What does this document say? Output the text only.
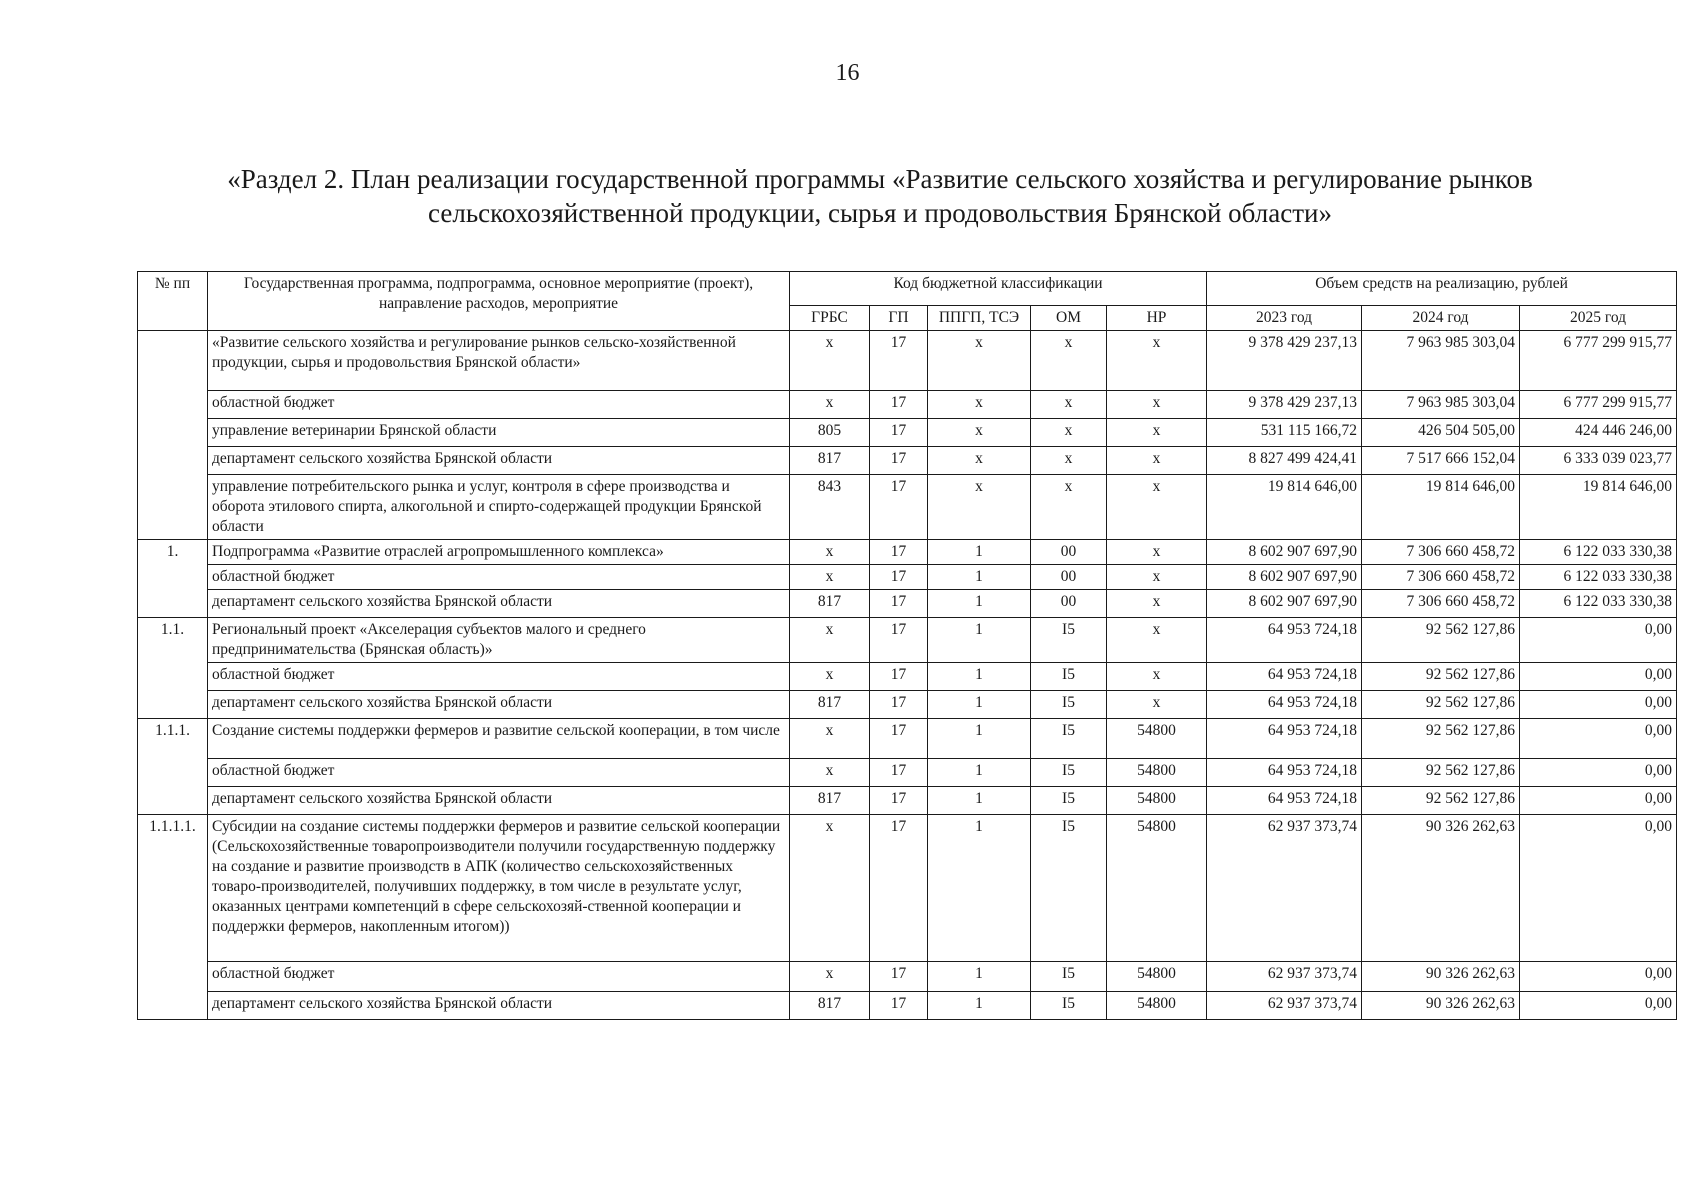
16
«Раздел 2. План реализации государственной программы «Развитие сельского хозяйства и регулирование рынков
сельскохозяйственной продукции, сырья и продовольствия Брянской области»
№ пп	Государственная программа, подпрограмма, основное мероприятие (проект), направление расходов, мероприятие	Код бюджетной классификации					Объем средств на реализацию, рублей		
		ГРБС	ГП	ППГП, ТСЭ	ОМ	НР	2023 год	2024 год	2025 год
	«Развитие сельского хозяйства и регулирование рынков сельско-хозяйственной продукции, сырья и продовольствия Брянской области»	х	17	х	х	х	9 378 429 237,13	7 963 985 303,04	6 777 299 915,77
	областной бюджет	х	17	х	х	х	9 378 429 237,13	7 963 985 303,04	6 777 299 915,77
	управление ветеринарии Брянской области	805	17	х	х	х	531 115 166,72	426 504 505,00	424 446 246,00
	департамент сельского хозяйства Брянской области	817	17	х	х	х	8 827 499 424,41	7 517 666 152,04	6 333 039 023,77
	управление потребительского рынка и услуг, контроля в сфере производства и оборота этилового спирта, алкогольной и спирто-содержащей продукции Брянской области	843	17	х	х	х	19 814 646,00	19 814 646,00	19 814 646,00
1.	Подпрограмма «Развитие отраслей агропромышленного комплекса»	х	17	1	00	х	8 602 907 697,90	7 306 660 458,72	6 122 033 330,38
	областной бюджет	х	17	1	00	х	8 602 907 697,90	7 306 660 458,72	6 122 033 330,38
	департамент сельского хозяйства Брянской области	817	17	1	00	х	8 602 907 697,90	7 306 660 458,72	6 122 033 330,38
1.1.	Региональный проект «Акселерация субъектов малого и среднего предпринимательства (Брянская область)»	х	17	1	I5	х	64 953 724,18	92 562 127,86	0,00
	областной бюджет	х	17	1	I5	х	64 953 724,18	92 562 127,86	0,00
	департамент сельского хозяйства Брянской области	817	17	1	I5	х	64 953 724,18	92 562 127,86	0,00
1.1.1.	Создание системы поддержки фермеров и развитие сельской кооперации, в том числе	х	17	1	I5	54800	64 953 724,18	92 562 127,86	0,00
	областной бюджет	х	17	1	I5	54800	64 953 724,18	92 562 127,86	0,00
	департамент сельского хозяйства Брянской области	817	17	1	I5	54800	64 953 724,18	92 562 127,86	0,00
1.1.1.1.	Субсидии на создание системы поддержки фермеров и развитие сельской кооперации (Сельскохозяйственные товаропроизводители получили государственную поддержку на создание и развитие производств в АПК (количество сельскохозяйственных товаро-производителей, получивших поддержку, в том числе в результате услуг, оказанных центрами компетенций в сфере сельскохозяй-ственной кооперации и поддержки фермеров, накопленным итогом))	х	17	1	I5	54800	62 937 373,74	90 326 262,63	0,00
	областной бюджет	х	17	1	I5	54800	62 937 373,74	90 326 262,63	0,00
	департамент сельского хозяйства Брянской области	817	17	1	I5	54800	62 937 373,74	90 326 262,63	0,00
